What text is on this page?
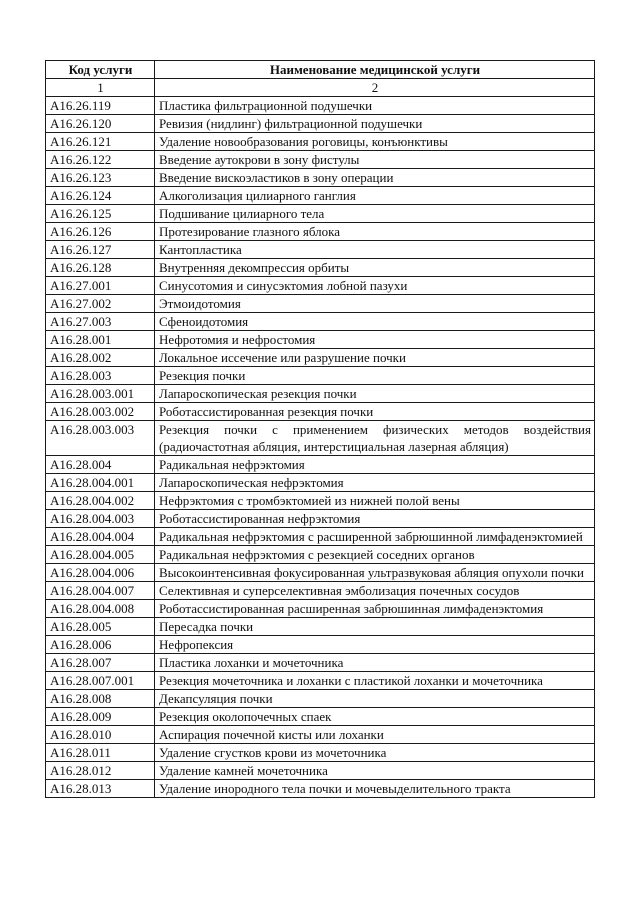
Код услуги	Наименование медицинской услуги
1	2
A16.26.119	Пластика фильтрационной подушечки
A16.26.120	Ревизия (нидлинг) фильтрационной подушечки
A16.26.121	Удаление новообразования роговицы, конъюнктивы
A16.26.122	Введение аутокрови в зону фистулы
A16.26.123	Введение вискоэластиков в зону операции
A16.26.124	Алкоголизация цилиарного ганглия
A16.26.125	Подшивание цилиарного тела
A16.26.126	Протезирование глазного яблока
A16.26.127	Кантопластика
A16.26.128	Внутренняя декомпрессия орбиты
A16.27.001	Синусотомия и синусэктомия лобной пазухи
A16.27.002	Этмоидотомия
A16.27.003	Сфеноидотомия
A16.28.001	Нефротомия и нефростомия
A16.28.002	Локальное иссечение или разрушение почки
A16.28.003	Резекция почки
A16.28.003.001	Лапароскопическая резекция почки
A16.28.003.002	Роботассистированная резекция почки
A16.28.003.003	Резекция почки с применением физических методов воздействия (радиочастотная абляция, интерстициальная лазерная абляция)
A16.28.004	Радикальная нефрэктомия
A16.28.004.001	Лапароскопическая нефрэктомия
A16.28.004.002	Нефрэктомия с тромбэктомией из нижней полой вены
A16.28.004.003	Роботассистированная нефрэктомия
A16.28.004.004	Радикальная нефрэктомия с расширенной забрюшинной лимфаденэктомией
A16.28.004.005	Радикальная нефрэктомия с резекцией соседних органов
A16.28.004.006	Высокоинтенсивная фокусированная ультразвуковая абляция опухоли почки
A16.28.004.007	Селективная и суперселективная эмболизация почечных сосудов
A16.28.004.008	Роботассистированная расширенная забрюшинная лимфаденэктомия
A16.28.005	Пересадка почки
A16.28.006	Нефропексия
A16.28.007	Пластика лоханки и мочеточника
A16.28.007.001	Резекция мочеточника и лоханки с пластикой лоханки и мочеточника
A16.28.008	Декапсуляция почки
A16.28.009	Резекция околопочечных спаек
A16.28.010	Аспирация почечной кисты или лоханки
A16.28.011	Удаление сгустков крови из мочеточника
A16.28.012	Удаление камней мочеточника
A16.28.013	Удаление инородного тела почки и мочевыделительного тракта
